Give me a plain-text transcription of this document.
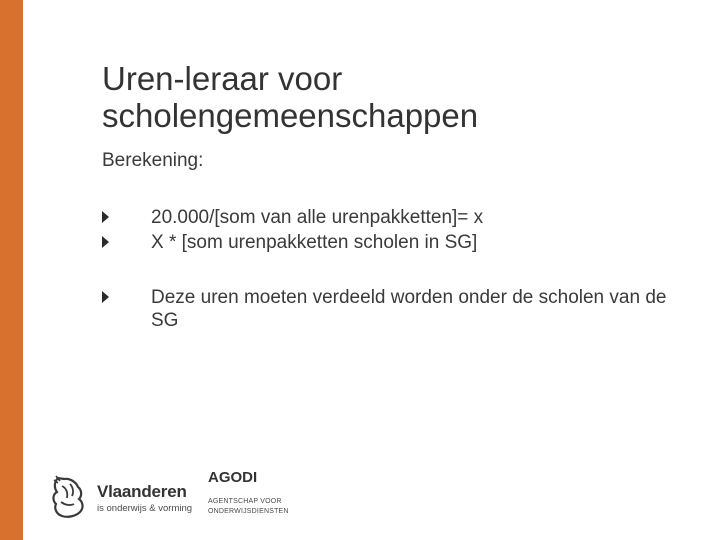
Uren-leraar voor
scholengemeenschappen
Berekening:
20.000/[som van alle urenpakketten]= x
X * [som urenpakketten scholen in SG]
Deze uren moeten verdeeld worden onder de scholen van de SG
Vlaanderen
is onderwijs & vorming
AGODI
AGENTSCHAP VOOR
ONDERWIJSDIENSTEN
